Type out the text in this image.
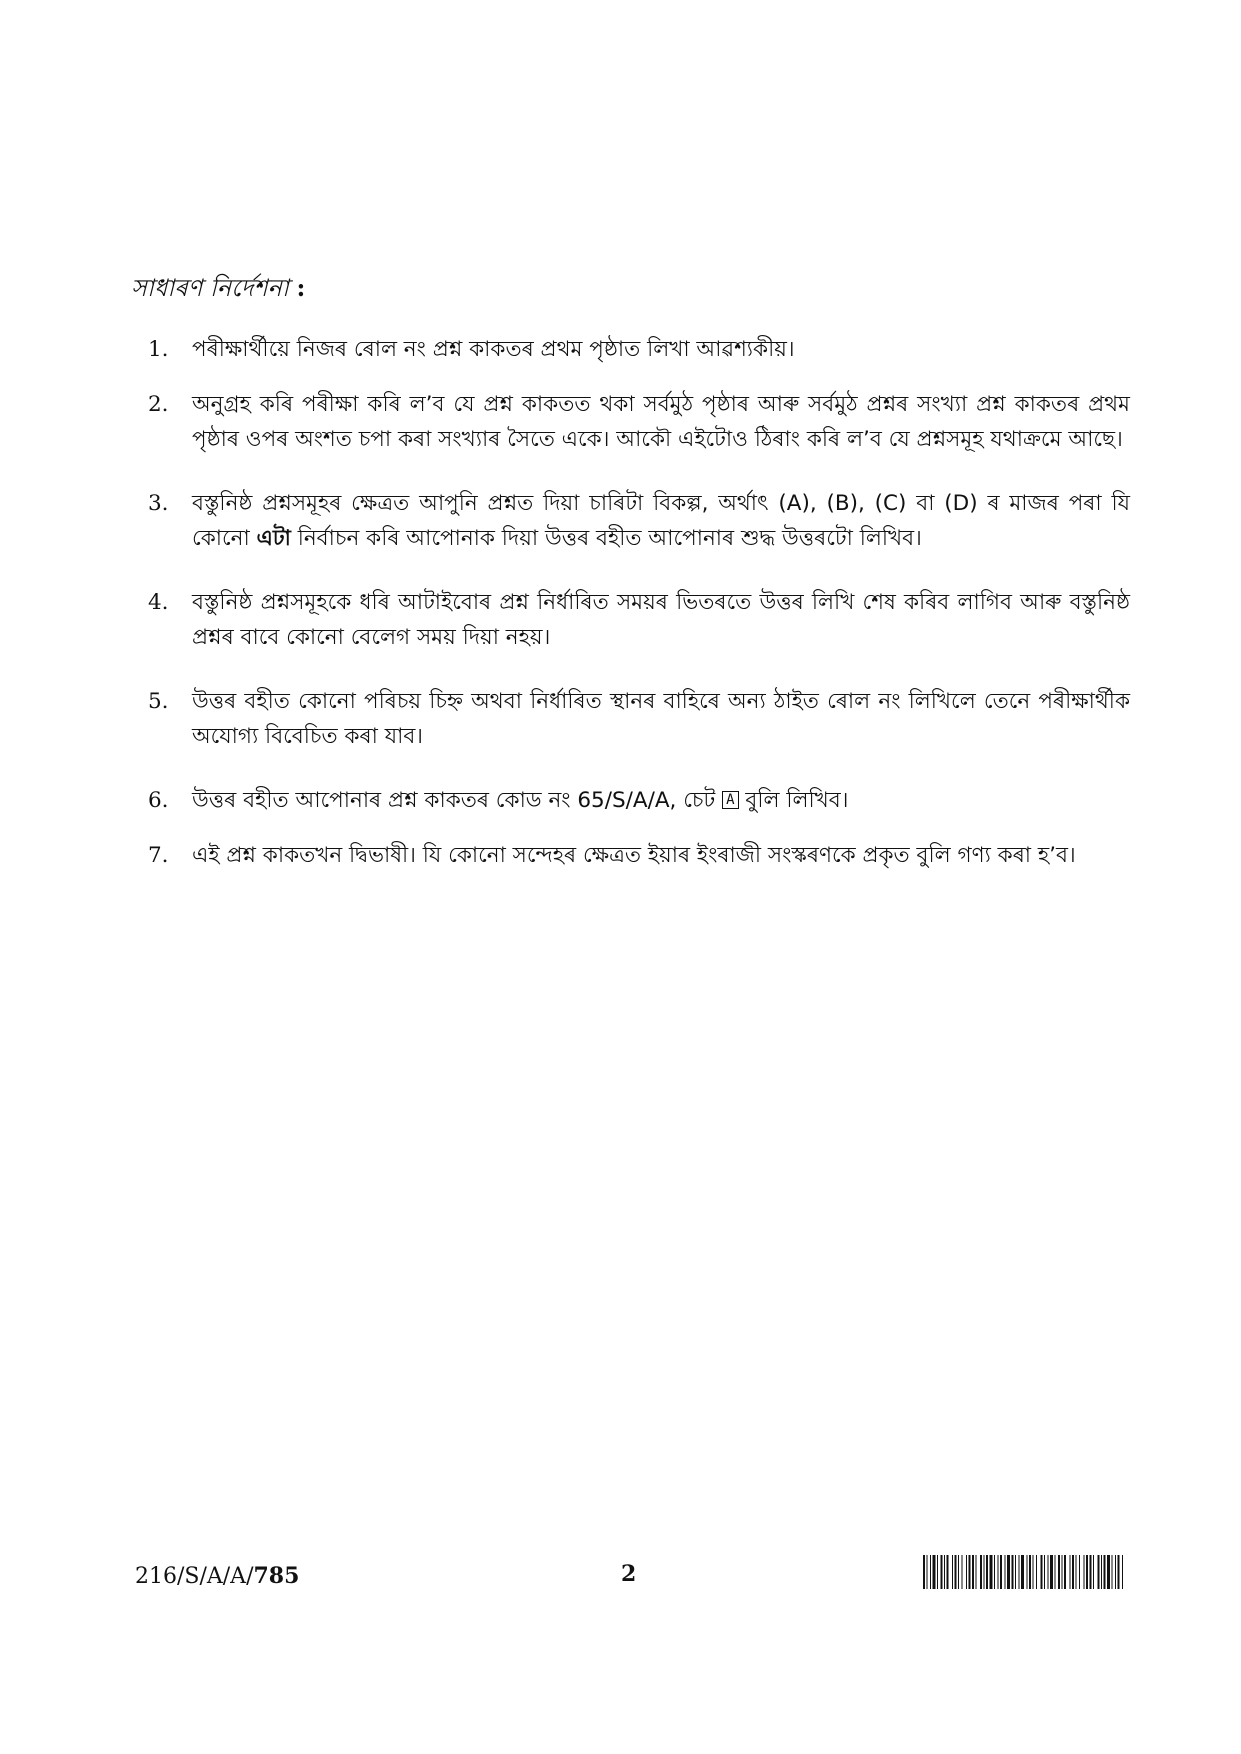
সাধাৰণ নির্দেশনা :
1. পৰীক্ষাৰ্থীয়ে নিজৰ ৰোল নং প্ৰশ্ন কাকতৰ প্ৰথম পৃষ্ঠাত লিখা আৱশ্যকীয়।
2. অনুগ্ৰহ কৰি পৰীক্ষা কৰি ল’ব যে প্ৰশ্ন কাকতত থকা সৰ্বমুঠ পৃষ্ঠাৰ আৰু সৰ্বমুঠ প্ৰশ্নৰ সংখ্যা প্ৰশ্ন কাকতৰ প্ৰথম পৃষ্ঠাৰ ওপৰ অংশত চপা কৰা সংখ্যাৰ সৈতে একে। আকৌ এইটোও ঠিৰাং কৰি ল’ব যে প্ৰশ্নসমূহ যথাক্ৰমে আছে।
3. বস্তুনিষ্ঠ প্ৰশ্নসমূহৰ ক্ষেত্ৰত আপুনি প্ৰশ্নত দিয়া চাৰিটা বিকল্প, অৰ্থাৎ (A), (B), (C) বা (D) ৰ মাজৰ পৰা যি কোনো এটা নিৰ্বাচন কৰি আপোনাক দিয়া উত্তৰ বহীত আপোনাৰ শুদ্ধ উত্তৰটো লিখিব।
4. বস্তুনিষ্ঠ প্ৰশ্নসমূহকে ধৰি আটাইবোৰ প্ৰশ্ন নিৰ্ধাৰিত সময়ৰ ভিতৰতে উত্তৰ লিখি শেষ কৰিব লাগিব আৰু বস্তুনিষ্ঠ প্ৰশ্নৰ বাবে কোনো বেলেগ সময় দিয়া নহয়।
5. উত্তৰ বহীত কোনো পৰিচয় চিহ্ন অথবা নিৰ্ধাৰিত স্থানৰ বাহিৰে অন্য ঠাইত ৰোল নং লিখিলে তেনে পৰীক্ষাৰ্থীক অযোগ্য বিবেচিত কৰা যাব।
6. উত্তৰ বহীত আপোনাৰ প্ৰশ্ন কাকতৰ কোড নং 65/S/A/A, চেট A বুলি লিখিব।
7. এই প্ৰশ্ন কাকতখন দ্বিভাষী। যি কোনো সন্দেহৰ ক্ষেত্ৰত ইয়াৰ ইংৰাজী সংস্কৰণকে প্ৰকৃত বুলি গণ্য কৰা হ’ব।
216/S/A/A/785	2
